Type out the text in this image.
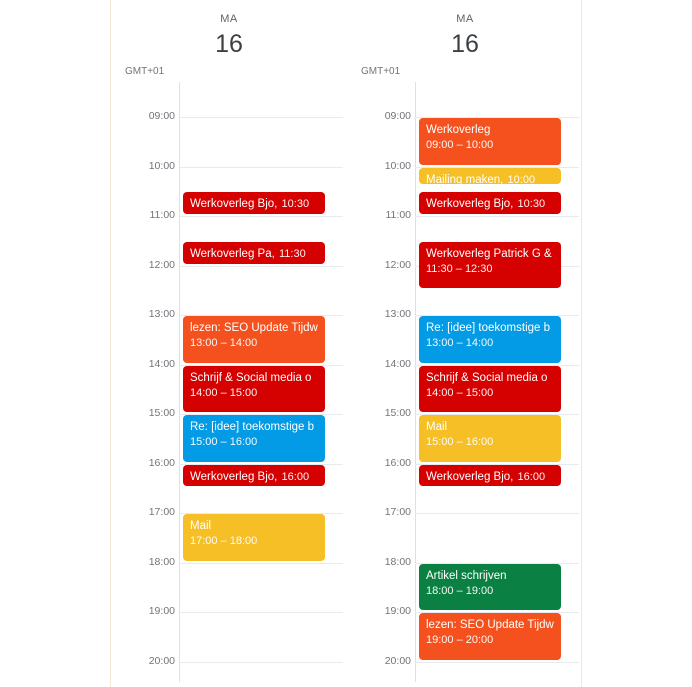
MA
16
GMT+01
09:00
10:00
11:00
12:00
13:00
14:00
15:00
16:00
17:00
18:00
19:00
20:00
Werkoverleg Bjo, 10:30
Werkoverleg Pa, 11:30
lezen: SEO Update Tijdw
13:00 – 14:00
Schrijf & Social media o
14:00 – 15:00
Re: [idee] toekomstige b
15:00 – 16:00
Werkoverleg Bjo, 16:00
Mail
17:00 – 18:00
MA
16
GMT+01
09:00
10:00
11:00
12:00
13:00
14:00
15:00
16:00
17:00
18:00
19:00
20:00
Werkoverleg
09:00 – 10:00
Mailing maken, 10:00
Werkoverleg Bjo, 10:30
Werkoverleg Patrick G &
11:30 – 12:30
Re: [idee] toekomstige b
13:00 – 14:00
Schrijf & Social media o
14:00 – 15:00
Mail
15:00 – 16:00
Werkoverleg Bjo, 16:00
Artikel schrijven
18:00 – 19:00
lezen: SEO Update Tijdw
19:00 – 20:00
